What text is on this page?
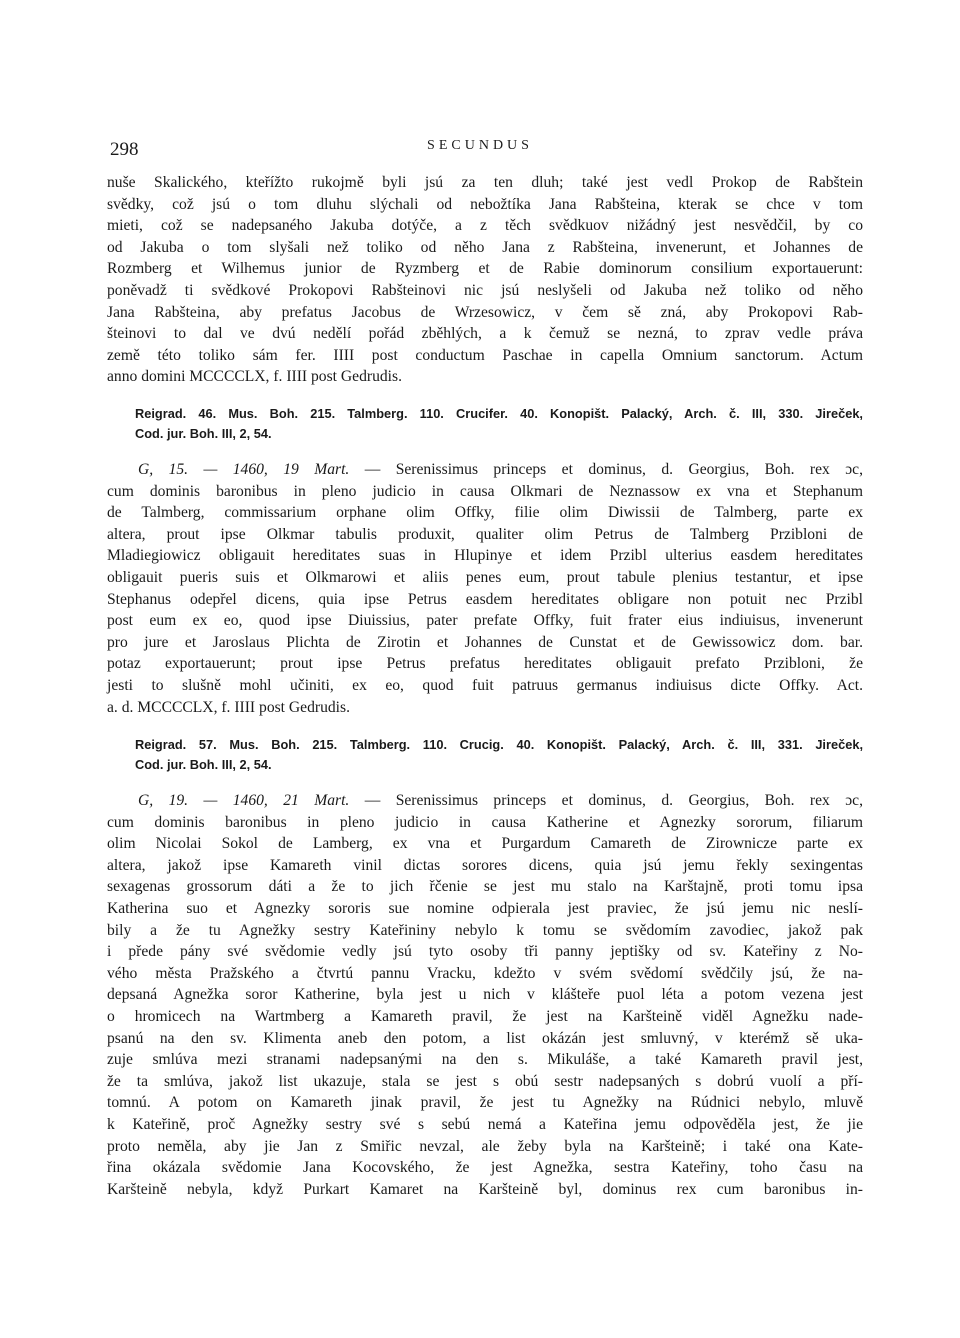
298	SECUNDUS
nuše Skalického, kteřížto rukojmě byli jsú za ten dluh; také jest vedl Prokop de Rabštein
svědky, což jsú o tom dluhu slýchali od nebožtíka Jana Rabšteina, kterak se chce v tom
mieti, což se nadepsaného Jakuba dotýče, a z těch svědkuov nižádný jest nesvědčil, by co
od Jakuba o tom slyšali než toliko od něho Jana z Rabšteina, invenerunt, et Johannes de
Rozmberg et Wilhemus junior de Ryzmberg et de Rabie dominorum consilium exportauerunt:
poněvadž ti svědkové Prokopovi Rabšteinovi nic jsú neslyšeli od Jakuba než toliko od něho
Jana Rabšteina, aby prefatus Jacobus de Wrzesowicz, v čem sě zná, aby Prokopovi Rab-
šteinovi to dal ve dvú nedělí pořád zběhlých, a k čemuž se nezná, to zprav vedle práva
země této toliko sám fer. IIII post conductum Paschae in capella Omnium sanctorum. Actum
anno domini MCCCCLX, f. IIII post Gedrudis.
Reigrad. 46. Mus. Boh. 215. Talmberg. 110. Crucifer. 40. Konopišt. Palacký, Arch. č. III, 330. Jireček,
Cod. jur. Boh. III, 2, 54.
G, 15. — 1460, 19 Mart. — Serenissimus princeps et dominus, d. Georgius, Boh. rex ɔc,
cum dominis baronibus in pleno judicio in causa Olkmari de Neznassow ex vna et Stephanum
de Talmberg, commissarium orphane olim Offky, filie olim Diwissii de Talmberg, parte ex
altera, prout ipse Olkmar tabulis produxit, qualiter olim Petrus de Talmberg Przibloni de
Mladiegiowicz obligauit hereditates suas in Hlupinye et idem Przibl ulterius easdem hereditates
obligauit pueris suis et Olkmarowi et aliis penes eum, prout tabule plenius testantur, et ipse
Stephanus odepřel dicens, quia ipse Petrus easdem hereditates obligare non potuit nec Przibl
post eum ex eo, quod ipse Diuissius, pater prefate Offky, fuit frater eius indiuisus, invenerunt
pro jure et Jaroslaus Plichta de Zirotin et Johannes de Cunstat et de Gewissowicz dom. bar.
potaz exportauerunt; prout ipse Petrus prefatus hereditates obligauit prefato Przibloni, že
jesti to slušně mohl učiniti, ex eo, quod fuit patruus germanus indiuisus dicte Offky. Act.
a. d. MCCCCLX, f. IIII post Gedrudis.
Reigrad. 57. Mus. Boh. 215. Talmberg. 110. Crucig. 40. Konopišt. Palacký, Arch. č. III, 331. Jireček,
Cod. jur. Boh. III, 2, 54.
G, 19. — 1460, 21 Mart. — Serenissimus princeps et dominus, d. Georgius, Boh. rex ɔc,
cum dominis baronibus in pleno judicio in causa Katherine et Agnezky sororum, filiarum
olim Nicolai Sokol de Lamberg, ex vna et Purgardum Camareth de Zirownicze parte ex
altera, jakož ipse Kamareth vinil dictas sorores dicens, quia jsú jemu řekly sexingentas
sexagenas grossorum dáti a že to jich řčenie se jest mu stalo na Karštajně, proti tomu ipsa
Katherina suo et Agnezky sororis sue nomine odpierala jest praviec, že jsú jemu nic neslí-
bily a že tu Agnežky sestry Kateřininy nebylo k tomu se svědomím zavodiec, jakož pak
i přede pány své svědomie vedly jsú tyto osoby tři panny jeptišky od sv. Kateřiny z No-
vého města Pražského a čtvrtú pannu Vracku, kdežto v svém svědomí svědčily jsú, že na-
depsaná Agnežka soror Katherine, byla jest u nich v klášteře puol léta a potom vezena jest
o hromicech na Wartmberg a Kamareth pravil, že jest na Karšteině viděl Agnežku nade-
psanú na den sv. Klimenta aneb den potom, a list okázán jest smluvný, v kterémž sě uka-
zuje smlúva mezi stranami nadepsanými na den s. Mikuláše, a také Kamareth pravil jest,
že ta smlúva, jakož list ukazuje, stala se jest s obú sestr nadepsaných s dobrú vuolí a pří-
tomnú. A potom on Kamareth jinak pravil, že jest tu Agnežky na Rúdnici nebylo, mluvě
k Kateřině, proč Agnežky sestry své s sebú nemá a Kateřina jemu odpověděla jest, že jie
proto neměla, aby jie Jan z Smiřic nevzal, ale žeby byla na Karšteině; i také ona Kate-
řina okázala svědomie Jana Kocovského, že jest Agnežka, sestra Kateřiny, toho času na
Karšteině nebyla, když Purkart Kamaret na Karšteině byl, dominus rex cum baronibus in-
